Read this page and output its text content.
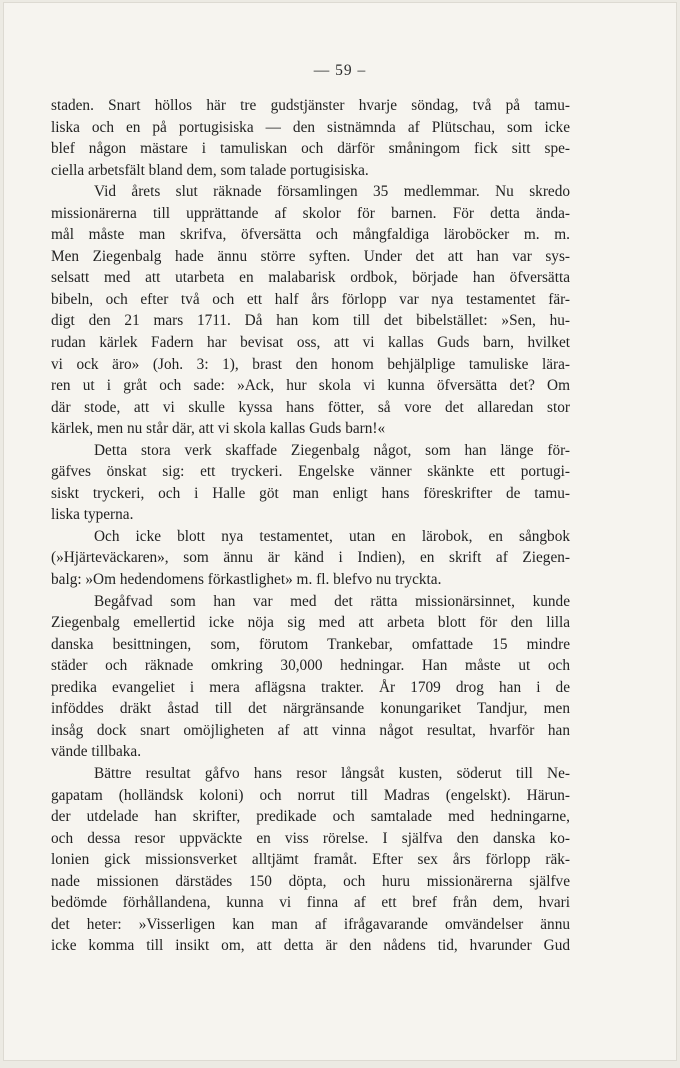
— 59 –

staden. Snart höllos här tre gudstjänster hvarje söndag, två på tamu-
liska och en på portugisiska — den sistnämnda af Plütschau, som icke
blef någon mästare i tamuliskan och därför småningom fick sitt spe-
ciella arbetsfält bland dem, som talade portugisiska.

Vid årets slut räknade församlingen 35 medlemmar. Nu skredo
missionärerna till upprättande af skolor för barnen. För detta ända-
mål måste man skrifva, öfversätta och mångfaldiga läroböcker m. m.
Men Ziegenbalg hade ännu större syften. Under det att han var sys-
selsatt med att utarbeta en malabarisk ordbok, började han öfversätta
bibeln, och efter två och ett half års förlopp var nya testamentet fär-
digt den 21 mars 1711. Då han kom till det bibelstället: »Sen, hu-
rudan kärlek Fadern har bevisat oss, att vi kallas Guds barn, hvilket
vi ock äro» (Joh. 3: 1), brast den honom behjälplige tamuliske lära-
ren ut i gråt och sade: »Ack, hur skola vi kunna öfversätta det? Om
där stode, att vi skulle kyssa hans fötter, så vore det allaredan stor
kärlek, men nu står där, att vi skola kallas Guds barn!«

Detta stora verk skaffade Ziegenbalg något, som han länge för-
gäfves önskat sig: ett tryckeri. Engelske vänner skänkte ett portugi-
siskt tryckeri, och i Halle göt man enligt hans föreskrifter de tamu-
liska typerna.

Och icke blott nya testamentet, utan en lärobok, en sångbok
(»Hjärteväckaren», som ännu är känd i Indien), en skrift af Ziegen-
balg: »Om hedendomens förkastlighet» m. fl. blefvo nu tryckta.

Begåfvad som han var med det rätta missionärsinnet, kunde
Ziegenbalg emellertid icke nöja sig med att arbeta blott för den lilla
danska besittningen, som, förutom Trankebar, omfattade 15 mindre
städer och räknade omkring 30,000 hedningar. Han måste ut och
predika evangeliet i mera aflägsna trakter. År 1709 drog han i de
inföddes dräkt åstad till det närgränsande konungariket Tandjur, men
insåg dock snart omöjligheten af att vinna något resultat, hvarför han
vände tillbaka.

Bättre resultat gåfvo hans resor långsåt kusten, söderut till Ne-
gapatam (holländsk koloni) och norrut till Madras (engelskt). Härun-
der utdelade han skrifter, predikade och samtalade med hedningarne,
och dessa resor uppväckte en viss rörelse. I själfva den danska ko-
lonien gick missionsverket alltjämt framåt. Efter sex års förlopp räk-
nade missionen därstädes 150 döpta, och huru missionärerna själfve
bedömde förhållandena, kunna vi finna af ett bref från dem, hvari
det heter: »Visserligen kan man af ifrågavarande omvändelser ännu
icke komma till insikt om, att detta är den nådens tid, hvarunder Gud
